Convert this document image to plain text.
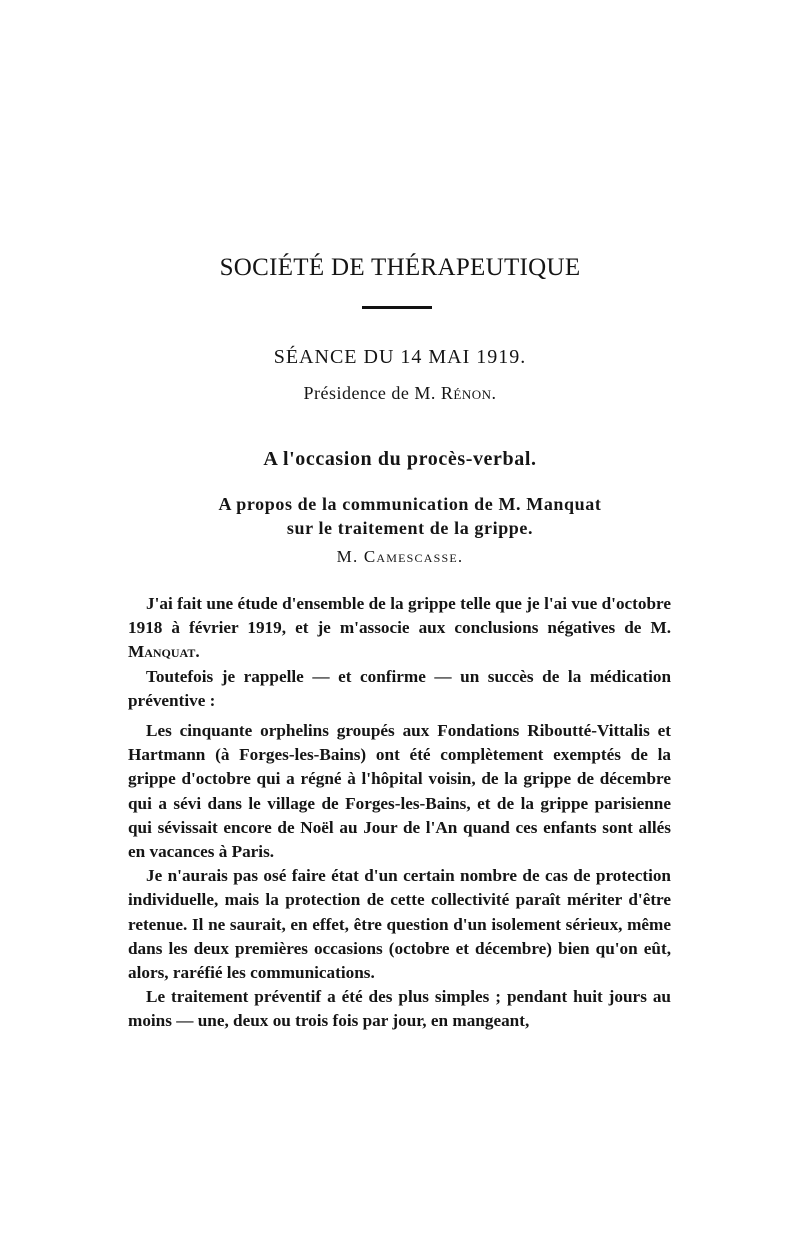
SOCIÉTÉ DE THÉRAPEUTIQUE
SÉANCE DU 14 MAI 1919.
Présidence de M. Rénon.
A l'occasion du procès-verbal.
A propos de la communication de M. Manquat
sur le traitement de la grippe.
M. Camescasse.

J'ai fait une étude d'ensemble de la grippe telle que je l'ai vue d'octobre 1918 à février 1919, et je m'associe aux conclusions négatives de M. Manquat.

Toutefois je rappelle — et confirme — un succès de la médication préventive :

Les cinquante orphelins groupés aux Fondations Riboutté-Vittalis et Hartmann (à Forges-les-Bains) ont été complètement exemptés de la grippe d'octobre qui a régné à l'hôpital voisin, de la grippe de décembre qui a sévi dans le village de Forges-les-Bains, et de la grippe parisienne qui sévissait encore de Noël au Jour de l'An quand ces enfants sont allés en vacances à Paris.

Je n'aurais pas osé faire état d'un certain nombre de cas de protection individuelle, mais la protection de cette collectivité paraît mériter d'être retenue. Il ne saurait, en effet, être question d'un isolement sérieux, même dans les deux premières occasions (octobre et décembre) bien qu'on eût, alors, raréfié les communications.

Le traitement préventif a été des plus simples ; pendant huit jours au moins — une, deux ou trois fois par jour, en mangeant,
